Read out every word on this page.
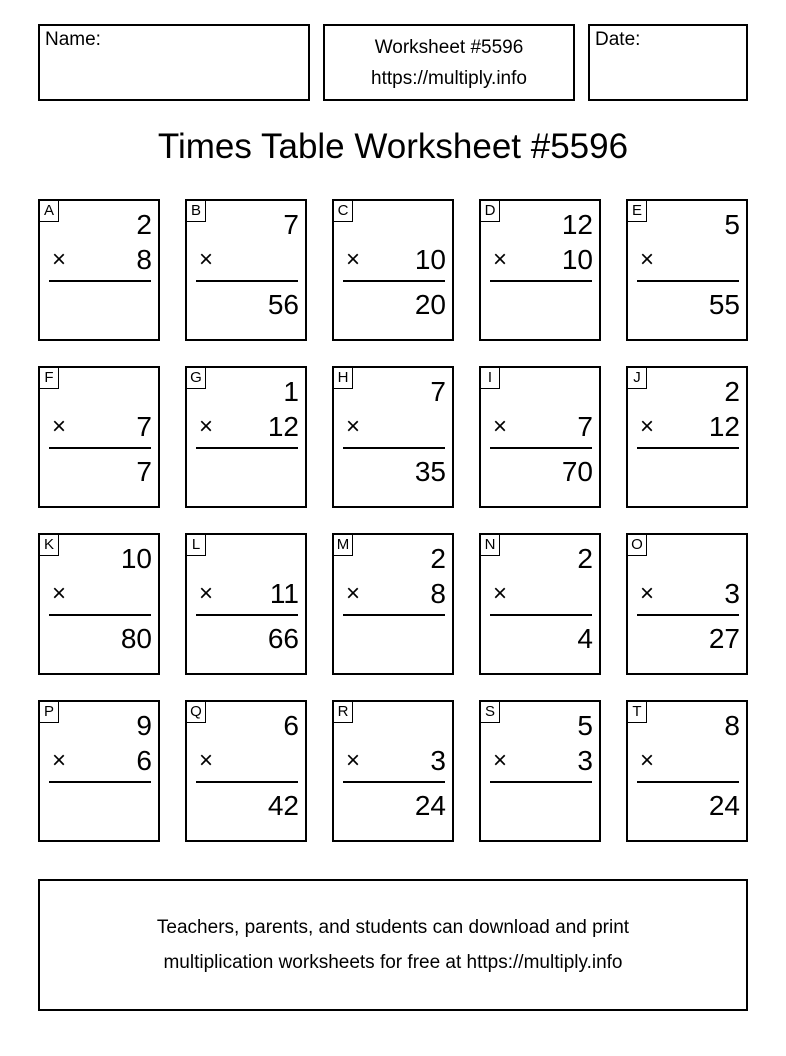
Name:	Worksheet #5596
https://multiply.info
Date:
Times Table Worksheet #5596
A	2
×	8
B	7
×
56
C
× 10
20
D 12
× 10
E	5
×
55
F
×	7
7
G	1
× 12
H	7
×
35
I
×	7
70
J	2
× 12
K 10
×
80
L
× 11
66
M	2
×	8
N	2
×
4
O
×	3
27
P	9
×	6
Q	6
×
42
R
×	3
24
S	5
×	3
T	8
×
24
Teachers, parents, and students can download and print
multiplication worksheets for free at https://multiply.info
